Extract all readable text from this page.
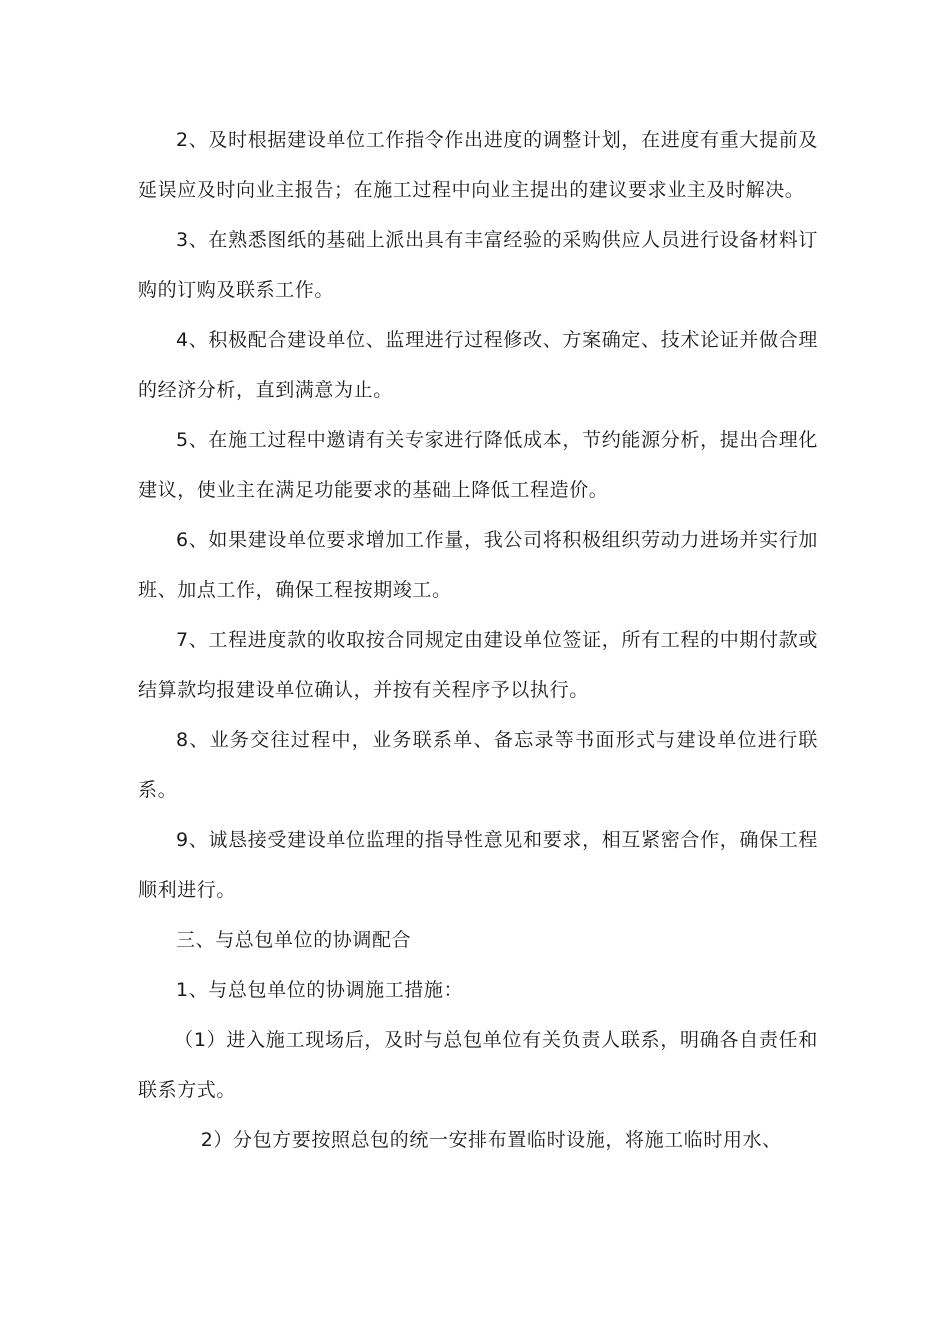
2、及时根据建设单位工作指令作出进度的调整计划，在进度有重大提前及延误应及时向业主报告；在施工过程中向业主提出的建议要求业主及时解决。

3、在熟悉图纸的基础上派出具有丰富经验的采购供应人员进行设备材料订购的订购及联系工作。

4、积极配合建设单位、监理进行过程修改、方案确定、技术论证并做合理的经济分析，直到满意为止。

5、在施工过程中邀请有关专家进行降低成本，节约能源分析，提出合理化建议，使业主在满足功能要求的基础上降低工程造价。

6、如果建设单位要求增加工作量，我公司将积极组织劳动力进场并实行加班、加点工作，确保工程按期竣工。

7、工程进度款的收取按合同规定由建设单位签证，所有工程的中期付款或结算款均报建设单位确认，并按有关程序予以执行。

8、业务交往过程中，业务联系单、备忘录等书面形式与建设单位进行联系。

9、诚恳接受建设单位监理的指导性意见和要求，相互紧密合作，确保工程顺利进行。

三、与总包单位的协调配合

1、与总包单位的协调施工措施：

（1）进入施工现场后，及时与总包单位有关负责人联系，明确各自责任和联系方式。

2）分包方要按照总包的统一安排布置临时设施，将施工临时用水、
